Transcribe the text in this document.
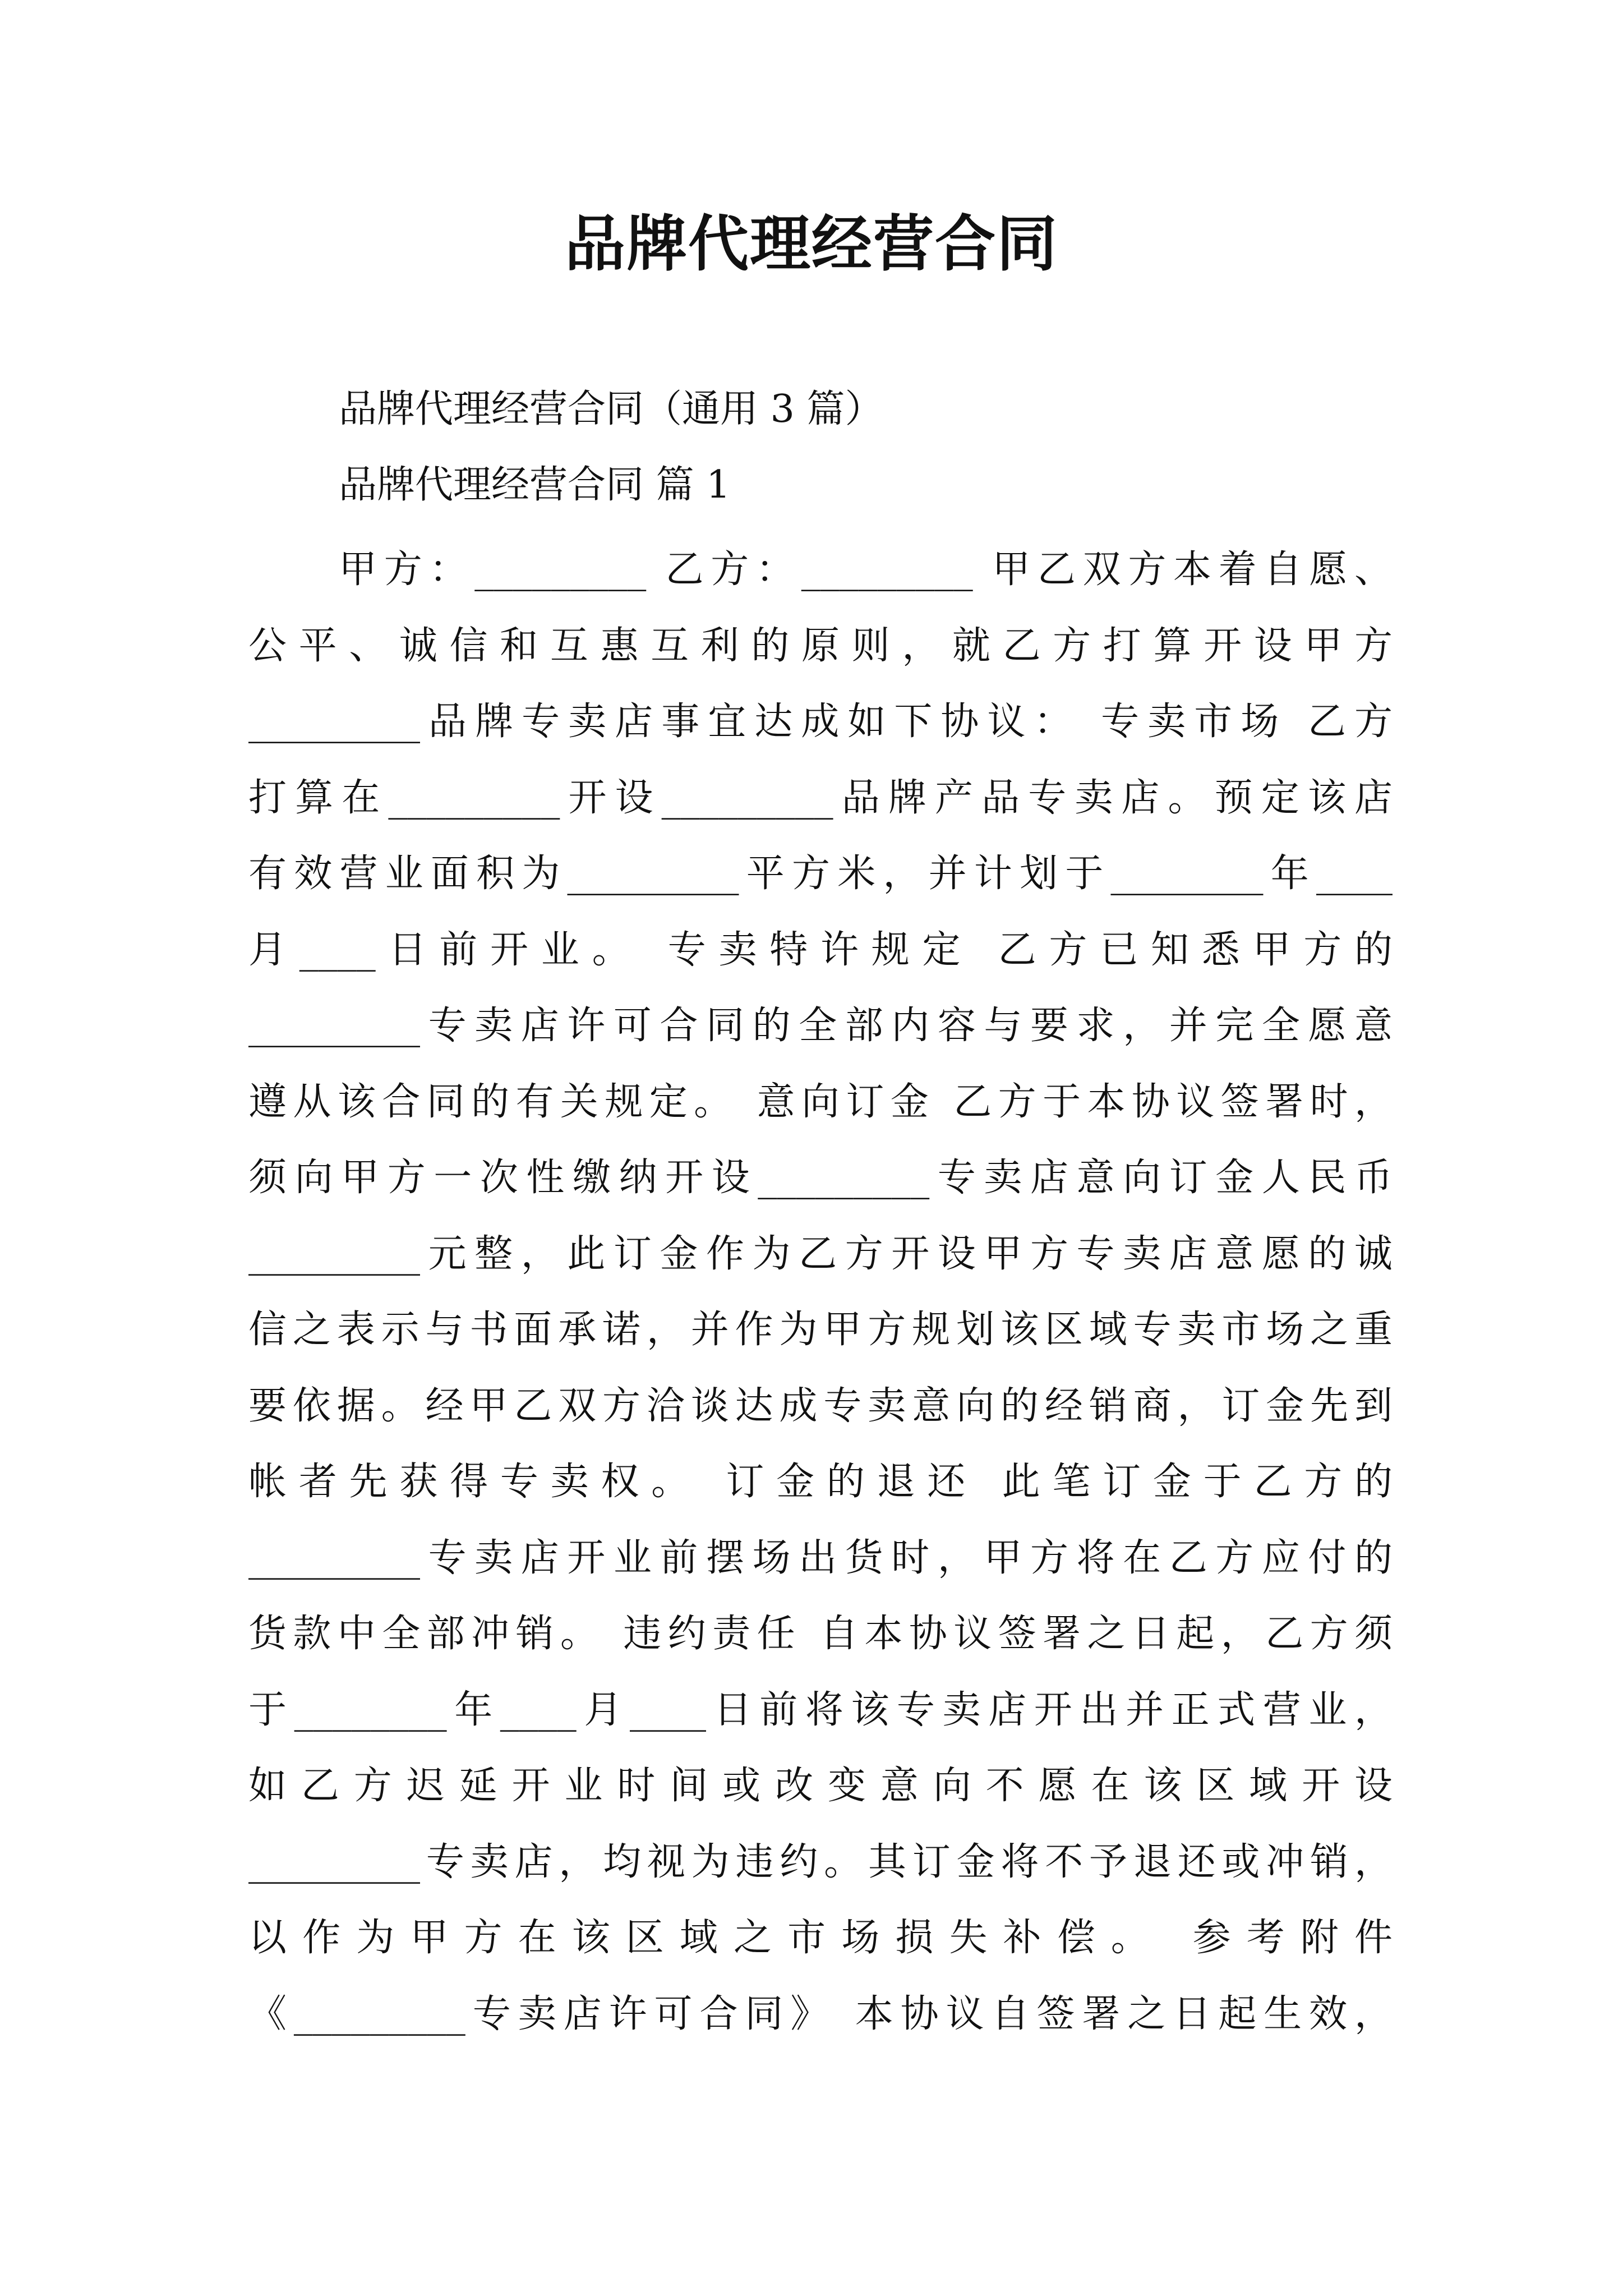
品牌代理经营合同
品牌代理经营合同（通用 3 篇）
品牌代理经营合同 篇 1
甲方：_________ 乙方：_________ 甲乙双方本着自愿、
公平、诚信和互惠互利的原则，就乙方打算开设甲方
_________品牌专卖店事宜达成如下协议： 专卖市场 乙方
打算在_________开设_________品牌产品专卖店。预定该店
有效营业面积为_________平方米，并计划于________年____
月____日前开业。 专卖特许规定 乙方已知悉甲方的
_________专卖店许可合同的全部内容与要求，并完全愿意
遵从该合同的有关规定。 意向订金 乙方于本协议签署时，
须向甲方一次性缴纳开设_________专卖店意向订金人民币
_________元整，此订金作为乙方开设甲方专卖店意愿的诚
信之表示与书面承诺，并作为甲方规划该区域专卖市场之重
要依据。经甲乙双方洽谈达成专卖意向的经销商，订金先到
帐者先获得专卖权。 订金的退还 此笔订金于乙方的
_________专卖店开业前摆场出货时，甲方将在乙方应付的
货款中全部冲销。 违约责任 自本协议签署之日起，乙方须
于________年____月____日前将该专卖店开出并正式营业，
如乙方迟延开业时间或改变意向不愿在该区域开设
_________专卖店，均视为违约。其订金将不予退还或冲销，
以作为甲方在该区域之市场损失补偿。 参考附件
《_________专卖店许可合同》 本协议自签署之日起生效，
